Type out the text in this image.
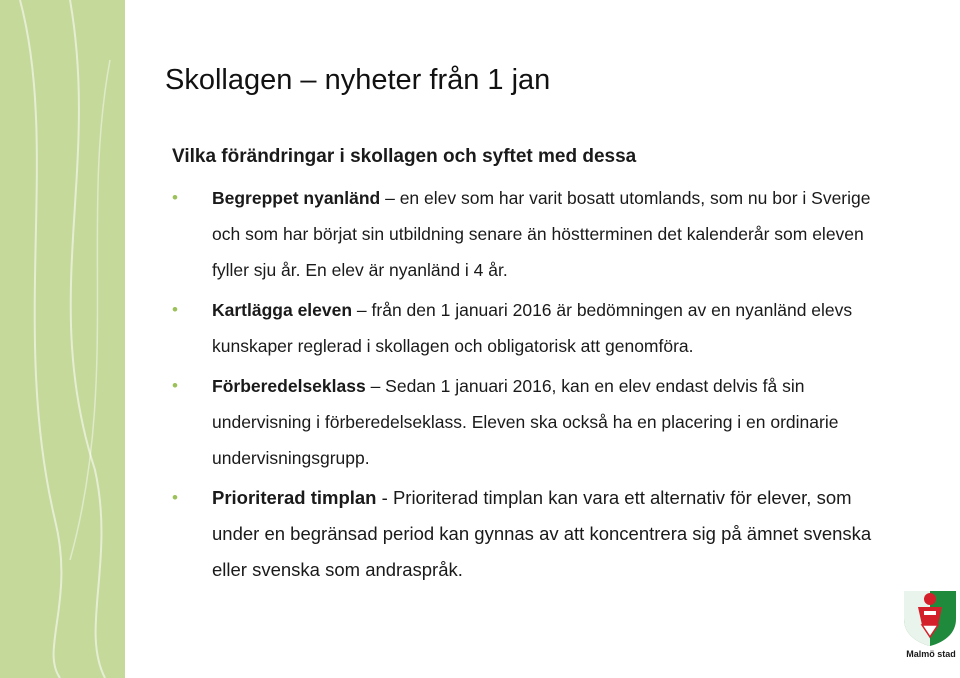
Skollagen – nyheter från 1 jan
Vilka förändringar i skollagen och syftet med dessa
• Begreppet nyanländ – en elev som har varit bosatt utomlands, som nu bor i Sverige och som har börjat sin utbildning senare än höstterminen det kalenderår som eleven fyller sju år. En elev är nyanländ i 4 år.
• Kartlägga eleven – från den 1 januari 2016 är bedömningen av en nyanländ elevs kunskaper reglerad i skollagen och obligatorisk att genomföra.
• Förberedelseklass – Sedan 1 januari 2016, kan en elev endast delvis få sin undervisning i förberedelseklass. Eleven ska också ha en placering i en ordinarie undervisningsgrupp.
• Prioriterad timplan - Prioriterad timplan kan vara ett alternativ för elever, som under en begränsad period kan gynnas av att koncentrera sig på ämnet svenska eller svenska som andraspråk.
Malmö stad
